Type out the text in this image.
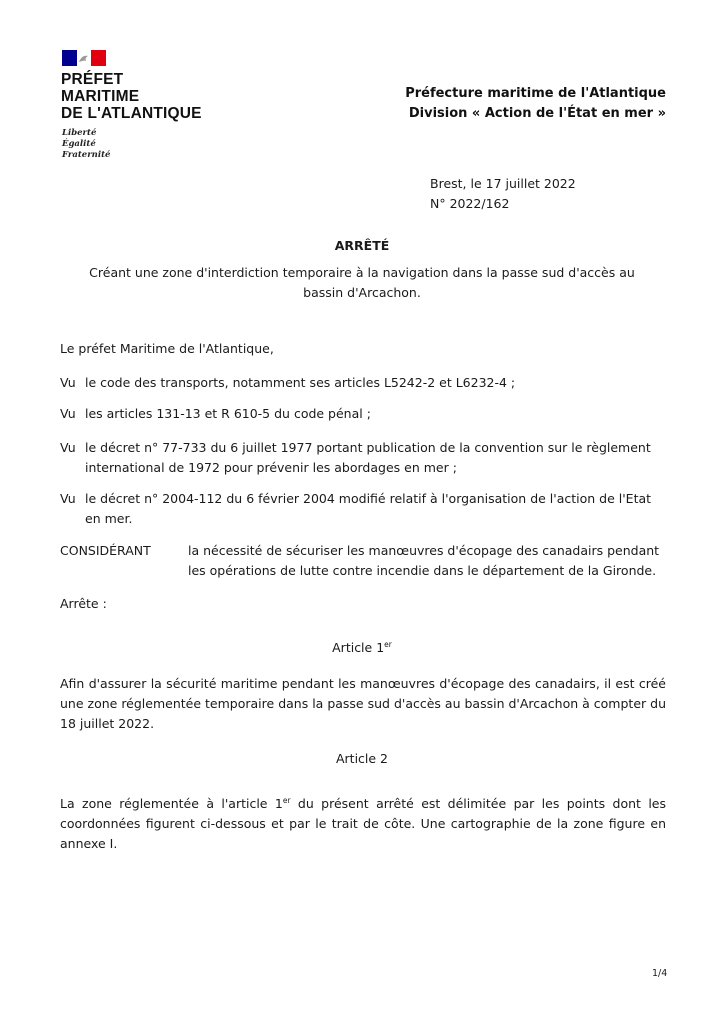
PRÉFET
MARITIME
DE L'ATLANTIQUE
Liberté
Égalité
Fraternité
Préfecture maritime de l'Atlantique
Division « Action de l'État en mer »
Brest, le 17 juillet 2022
N° 2022/162
ARRÊTÉ
Créant une zone d'interdiction temporaire à la navigation dans la passe sud d'accès au bassin d'Arcachon.
Le préfet Maritime de l'Atlantique,
Vu le code des transports, notamment ses articles L5242-2 et L6232-4 ;
Vu les articles 131-13 et R 610-5 du code pénal ;
Vu le décret n° 77-733 du 6 juillet 1977 portant publication de la convention sur le règlement international de 1972 pour prévenir les abordages en mer ;
Vu le décret n° 2004-112 du 6 février 2004 modifié relatif à l'organisation de l'action de l'Etat en mer.
CONSIDÉRANT	la nécessité de sécuriser les manœuvres d'écopage des canadairs pendant les opérations de lutte contre incendie dans le département de la Gironde.
Arrête :
Article 1er
Afin d'assurer la sécurité maritime pendant les manœuvres d'écopage des canadairs, il est créé une zone réglementée temporaire dans la passe sud d'accès au bassin d'Arcachon à compter du 18 juillet 2022.
Article 2
La zone réglementée à l'article 1er du présent arrêté est délimitée par les points dont les coordonnées figurent ci-dessous et par le trait de côte. Une cartographie de la zone figure en annexe I.
1/4
